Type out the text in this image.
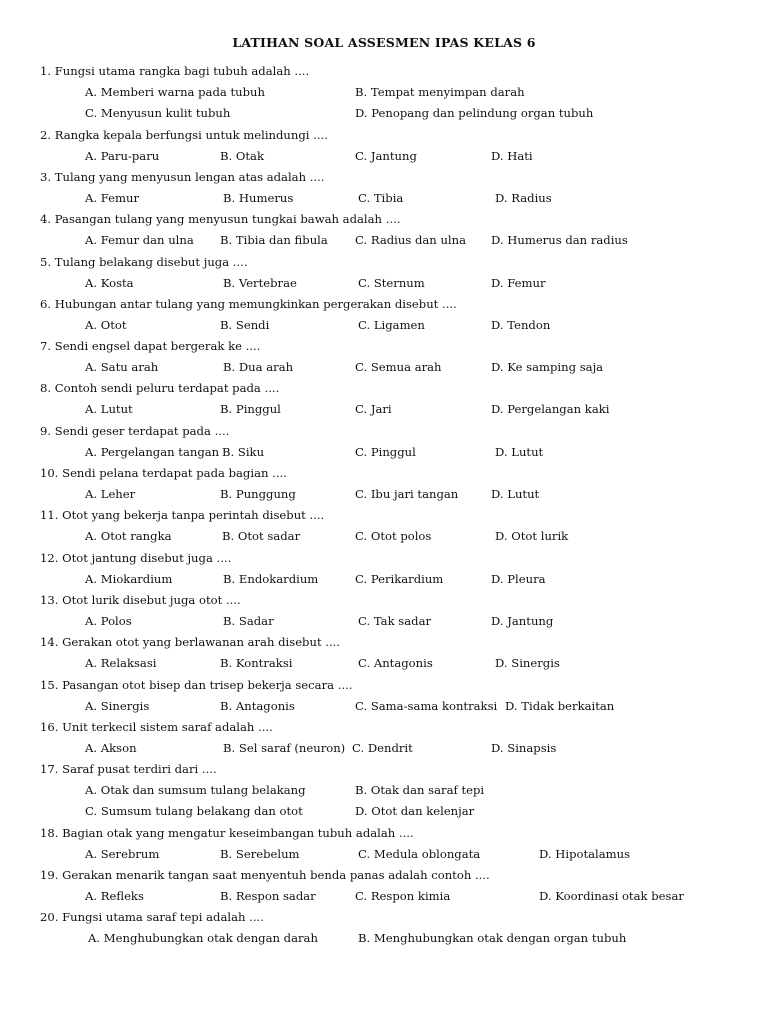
LATIHAN SOAL ASSESMEN IPAS KELAS 6
1. Fungsi utama rangka bagi tubuh adalah ....
A. Memberi warna pada tubuh	B. Tempat menyimpan darah
C. Menyusun kulit tubuh	D. Penopang dan pelindung organ tubuh
2. Rangka kepala berfungsi untuk melindungi ....
A. Paru-paru	B. Otak	C. Jantung	D. Hati
3. Tulang yang menyusun lengan atas adalah ....
A. Femur	B. Humerus	C. Tibia	D. Radius
4. Pasangan tulang yang menyusun tungkai bawah adalah ....
A. Femur dan ulna B. Tibia dan fibula C. Radius dan ulna D. Humerus dan radius
5. Tulang belakang disebut juga ....
A. Kosta	B. Vertebrae	C. Sternum	D. Femur
6. Hubungan antar tulang yang memungkinkan pergerakan disebut ....
A. Otot	B. Sendi	C. Ligamen	D. Tendon
7. Sendi engsel dapat bergerak ke ....
A. Satu arah	B. Dua arah	C. Semua arah	D. Ke samping saja
8. Contoh sendi peluru terdapat pada ....
A. Lutut	B. Pinggul	C. Jari	D. Pergelangan kaki
9. Sendi geser terdapat pada ....
A. Pergelangan tangan B. Siku	C. Pinggul	D. Lutut
10. Sendi pelana terdapat pada bagian ....
A. Leher	B. Punggung	C. Ibu jari tangan	D. Lutut
11. Otot yang bekerja tanpa perintah disebut ....
A. Otot rangka	B. Otot sadar	C. Otot polos	D. Otot lurik
12. Otot jantung disebut juga ....
A. Miokardium	B. Endokardium	C. Perikardium	D. Pleura
13. Otot lurik disebut juga otot ....
A. Polos	B. Sadar	C. Tak sadar	D. Jantung
14. Gerakan otot yang berlawanan arah disebut ....
A. Relaksasi	B. Kontraksi	C. Antagonis	D. Sinergis
15. Pasangan otot bisep dan trisep bekerja secara ....
A. Sinergis	B. Antagonis	C. Sama-sama kontraksi D. Tidak berkaitan
16. Unit terkecil sistem saraf adalah ....
A. Akson	B. Sel saraf (neuron) C. Dendrit	D. Sinapsis
17. Saraf pusat terdiri dari ....
A. Otak dan sumsum tulang belakang	B. Otak dan saraf tepi
C. Sumsum tulang belakang dan otot	D. Otot dan kelenjar
18. Bagian otak yang mengatur keseimbangan tubuh adalah ....
A. Serebrum	B. Serebelum	C. Medula oblongata	D. Hipotalamus
19. Gerakan menarik tangan saat menyentuh benda panas adalah contoh ....
A. Refleks	B. Respon sadar	C. Respon kimia	D. Koordinasi otak besar
20. Fungsi utama saraf tepi adalah ....
A. Menghubungkan otak dengan darah	B. Menghubungkan otak dengan organ tubuh
